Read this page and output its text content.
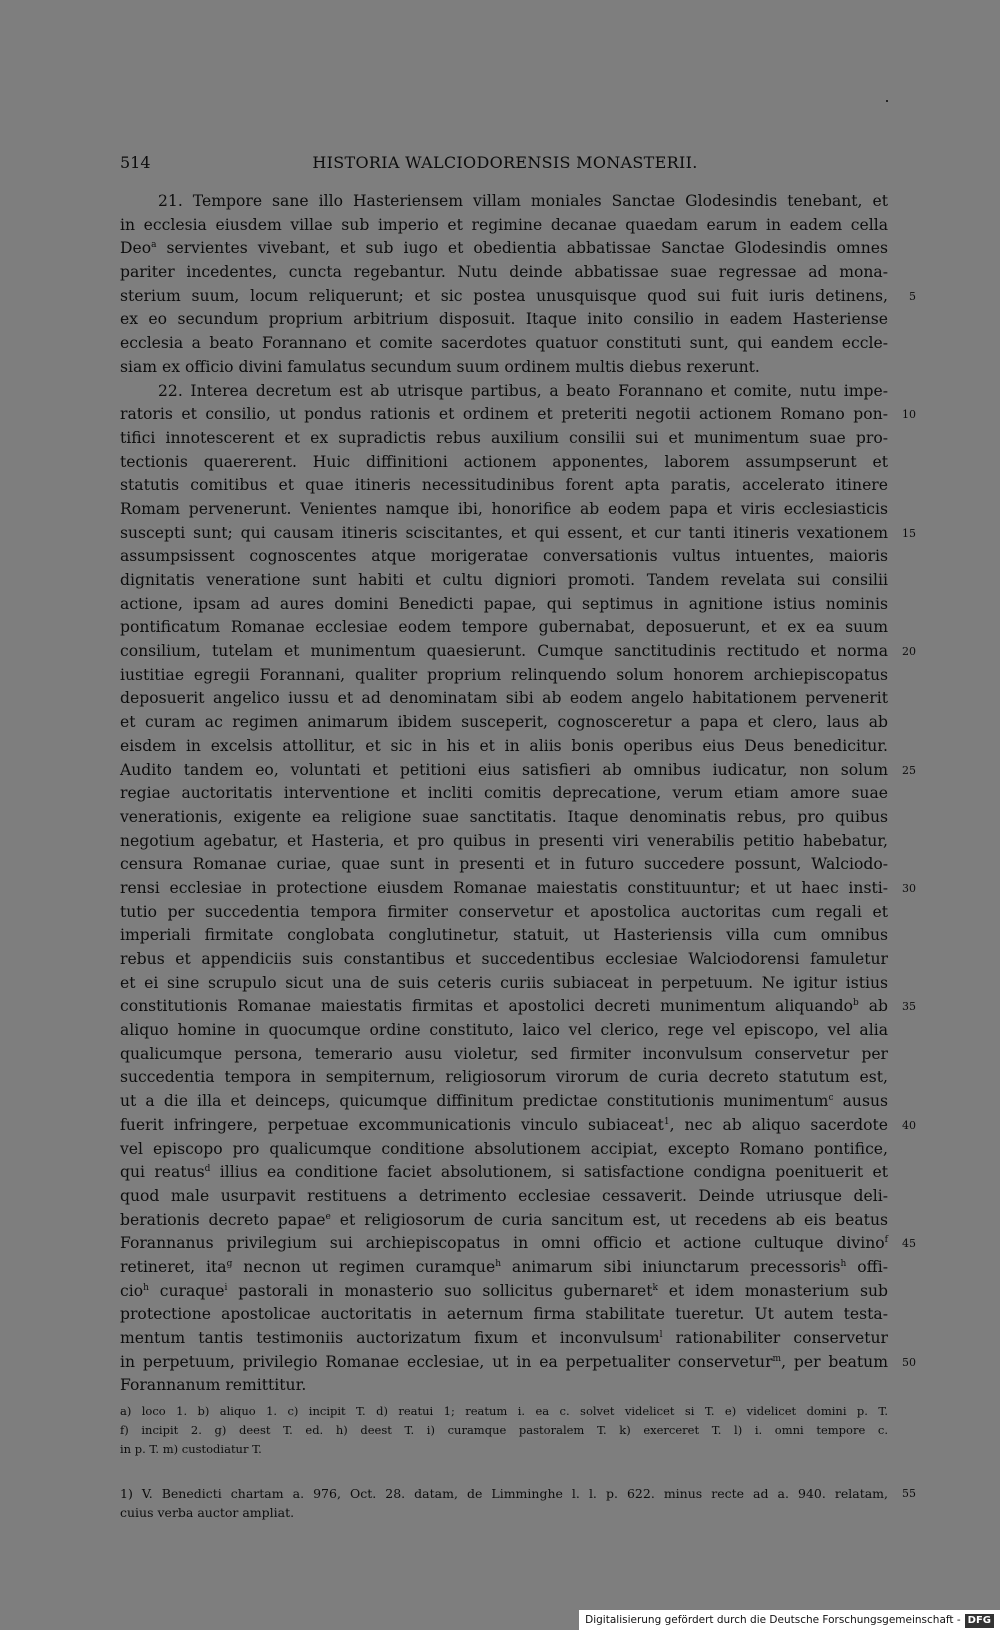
514	HISTORIA WALCIODORENSIS MONASTERII.
21. Tempore sane illo Hasteriensem villam moniales Sanctae Glodesindis tenebant, et
in ecclesia eiusdem villae sub imperio et regimine decanae quaedam earum in eadem cella
Deo$^a$ servientes vivebant, et sub iugo et obedientia abbatissae Sanctae Glodesindis omnes
pariter incedentes, cuncta regebantur. Nutu deinde abbatissae suae regressae ad mona-
sterium suum, locum reliquerunt; et sic postea unusquisque quod sui fuit iuris detinens, 5
ex eo secundum proprium arbitrium disposuit. Itaque inito consilio in eadem Hasteriense
ecclesia a beato Forannano et comite sacerdotes quatuor constituti sunt, qui eandem eccle-
siam ex officio divini famulatus secundum suum ordinem multis diebus rexerunt.
22. Interea decretum est ab utrisque partibus, a beato Forannano et comite, nutu impe-
ratoris et consilio, ut pondus rationis et ordinem et preteriti negotii actionem Romano pon- 10
tifici innotescerent et ex supradictis rebus auxilium consilii sui et munimentum suae pro-
tectionis quaererent. Huic diffinitioni actionem apponentes, laborem assumpserunt et
statutis comitibus et quae itineris necessitudinibus forent apta paratis, accelerato itinere
Romam pervenerunt. Venientes namque ibi, honorifice ab eodem papa et viris ecclesiasticis
suscepti sunt; qui causam itineris sciscitantes, et qui essent, et cur tanti itineris vexationem 15
assumpsissent cognoscentes atque morigeratae conversationis vultus intuentes, maioris
dignitatis veneratione sunt habiti et cultu digniori promoti. Tandem revelata sui consilii
actione, ipsam ad aures domini Benedicti papae, qui septimus in agnitione istius nominis
pontificatum Romanae ecclesiae eodem tempore gubernabat, deposuerunt, et ex ea suum
consilium, tutelam et munimentum quaesierunt. Cumque sanctitudinis rectitudo et norma 20
iustitiae egregii Forannani, qualiter proprium relinquendo solum honorem archiepiscopatus
deposuerit angelico iussu et ad denominatam sibi ab eodem angelo habitationem pervenerit
et curam ac regimen animarum ibidem susceperit, cognosceretur a papa et clero, laus ab
eisdem in excelsis attollitur, et sic in his et in aliis bonis operibus eius Deus benedicitur.
Audito tandem eo, voluntati et petitioni eius satisfieri ab omnibus iudicatur, non solum 25
regiae auctoritatis interventione et incliti comitis deprecatione, verum etiam amore suae
venerationis, exigente ea religione suae sanctitatis. Itaque denominatis rebus, pro quibus
negotium agebatur, et Hasteria, et pro quibus in presenti viri venerabilis petitio habebatur,
censura Romanae curiae, quae sunt in presenti et in futuro succedere possunt, Walciodo-
rensi ecclesiae in protectione eiusdem Romanae maiestatis constituuntur; et ut haec insti- 30
tutio per succedentia tempora firmiter conservetur et apostolica auctoritas cum regali et
imperiali firmitate conglobata conglutinetur, statuit, ut Hasteriensis villa cum omnibus
rebus et appendiciis suis constantibus et succedentibus ecclesiae Walciodorensi famuletur
et ei sine scrupulo sicut una de suis ceteris curiis subiaceat in perpetuum. Ne igitur istius
constitutionis Romanae maiestatis firmitas et apostolici decreti munimentum aliquando$^b$ ab 35
aliquo homine in quocumque ordine constituto, laico vel clerico, rege vel episcopo, vel alia
qualicumque persona, temerario ausu violetur, sed firmiter inconvulsum conservetur per
succedentia tempora in sempiternum, religiosorum virorum de curia decreto statutum est,
ut a die illa et deinceps, quicumque diffinitum predictae constitutionis munimentum$^c$ ausus
fuerit infringere, perpetuae excommunicationis vinculo subiaceat$^1$, nec ab aliquo sacerdote 40
vel episcopo pro qualicumque conditione absolutionem accipiat, excepto Romano pontifice,
qui reatus$^d$ illius ea conditione faciet absolutionem, si satisfactione condigna poenituerit et
quod male usurpavit restituens a detrimento ecclesiae cessaverit. Deinde utriusque deli-
berationis decreto papae$^e$ et religiosorum de curia sancitum est, ut recedens ab eis beatus
Forannanus privilegium sui archiepiscopatus in omni officio et actione cultuque divino$^f$ 45
retineret, ita$^g$ necnon ut regimen curamque$^h$ animarum sibi iniunctarum precessoris$^h$ offi-
cio$^h$ curaque$^i$ pastorali in monasterio suo sollicitus gubernaret$^k$ et idem monasterium sub
protectione apostolicae auctoritatis in aeternum firma stabilitate tueretur. Ut autem testa-
mentum tantis testimoniis auctorizatum fixum et inconvulsum$^l$ rationabiliter conservetur
in perpetuum, privilegio Romanae ecclesiae, ut in ea perpetualiter conservetur$^m$, per beatum 50
Forannanum remittitur.
a) loco 1. b) aliquo 1. c) incipit T. d) reatui 1; reatum i. ea c. solvet videlicet si T. e) videlicet domini p. T.
f) incipit 2. g) deest T. ed. h) deest T. i) curamque pastoralem T. k) exerceret T. l) i. omni tempore c.
in p. T. m) custodiatur T.
1) V. Benedicti chartam a. 976, Oct. 28. datam, de Limminghe l. l. p. 622. minus recte ad a. 940. relatam, 55
cuius verba auctor ampliat.
Digitalisierung gefördert durch die Deutsche Forschungsgemeinschaft - DFG
